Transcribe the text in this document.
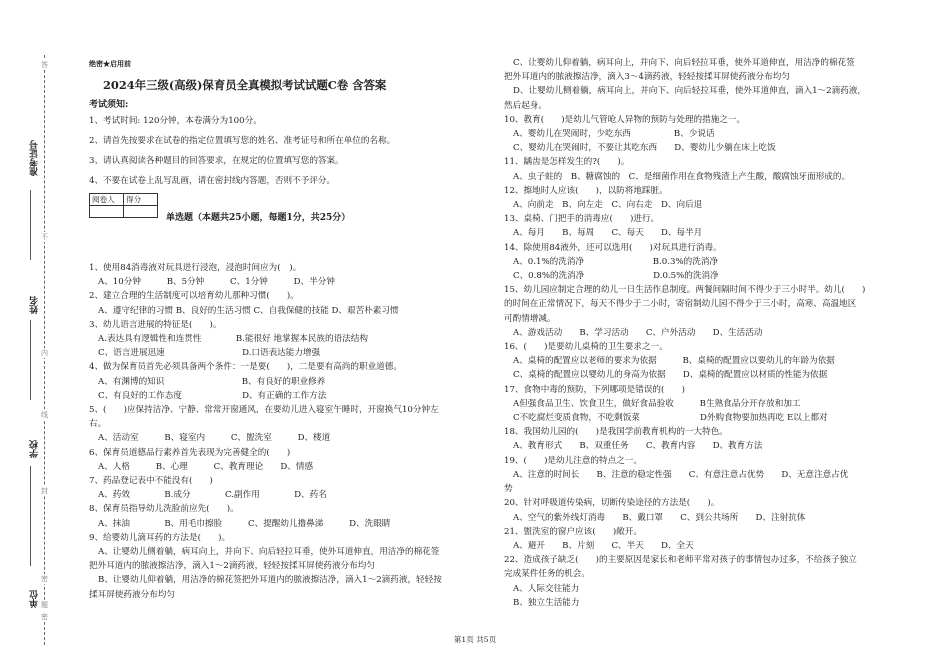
准考证号
姓名
学校
单位
答
不
内
线
封
密
题
密
绝密★启用前
2024年三级(高级)保育员全真模拟考试试题C卷 含答案
考试须知:
1、考试时间: 120分钟，本卷满分为100分。
2、请首先按要求在试卷的指定位置填写您的姓名、准考证号和所在单位的名称。
3、请认真阅读各种题目的回答要求，在规定的位置填写您的答案。
4、不要在试卷上乱写乱画，请在密封线内答题，否则不予评分。
阅卷人	得分

单选题（本题共25小题，每题1分，共25分）

1、使用84消毒液对玩具进行浸泡，浸泡时间应为(　)。

A、10分钟　　　B、5分钟　　　C、1分钟　　　D、半分钟

2、建立合理的生活制度可以培育幼儿那种习惯(　　)。

A、遵守纪律的习惯 B、良好的生活习惯 C、自我保健的技能 D、艰苦朴素习惯

3、幼儿语言进展的特征是(　　)。

A.表达具有逻辑性和连贯性　　　　B.能很好 地掌握本民族的语法结构

C、语言进展迅速　　　　　　　　　D.口语表达能力增强

4、做为保育员首先必须具备两个条件：一是要(　　)，二是要有高尚的职业道德。

A、有渊博的知识　　　　　　　　　B、有良好的职业修养

C、有良好的工作态度　　　　　　　D、有正确的工作方法

5、(　　)应保持洁净、宁静、常常开窗通风，在要幼儿进入寝室午睡时，开窗换气10分钟左

右。

A、活动室　　　B、寝室内　　　C、盥洗室　　　D、楼道

6、保育员道德品行素养首先表现为完善健全的(　　)

A、人格　　　B、心理　　　C、教育理论　　D、情感

7、药品登记表中不能没有(　　)

A、药效　　　　B.成分　　　　C.副作用　　　　D、药名

8、保育员指导幼儿洗脸前应先(　　)。

A、抹油　　　　B、用毛巾擦脸　　　C、提醒幼儿撸鼻涕　　　D、洗眼睛

9、给婴幼儿滴耳药的方法是(　　)。

A、让婴幼儿侧着躺，病耳向上，并向下、向后轻拉耳垂，使外耳道伸直，用洁净的棉花签

把外耳道内的脓液擦洁净，滴入1～2滴药液，轻轻按揉耳屏使药液分布均匀

B、让婴幼儿仰着躺，用洁净的棉花签把外耳道内的脓液擦洁净，滴入1～2滴药液，轻轻按

揉耳屏使药液分布均匀

C、让婴幼儿仰着躺，病耳向上，并向下、向后轻拉耳垂，使外耳道伸直，用洁净的棉花签

把外耳道内的脓液擦洁净，滴入3～4滴药液，轻轻按揉耳屏使药液分布均匀

D、让婴幼儿侧着躺，病耳向上，并向下、向后轻拉耳垂，使外耳道伸直，滴入1～2滴药液，

然后起身。

10、教育(　　)是幼儿气管呛人异物的预防与处理的措施之一。

A、婴幼儿在哭闹时，少吃东西　　　　　B、少说话

C、婴幼儿在哭闹时，不要让其吃东西　　D、婴幼儿少躺在床上吃饭

11、龋齿是怎样发生的?(　　)。

A、虫子蛀的　B、糖腐蚀的　C、是细菌作用在食物残渣上产生酸，酸腐蚀牙面形成的。

12、擦地时人应该(　　)，以防将地踩脏。

A、向前走　B、向左走　C、向右走　D、向后退

13、桌椅、门把手的消毒应(　　)进行。

A、每月　　B、每周　　C、每天　　D、每半月

14、除使用84液外，还可以选用(　　)对玩具进行消毒。

A、0.1%的洗消净　　　　　　　　B.0.3%的洗消净

C、0.8%的洗消净　　　　　　　　D.0.5%的洗消净

15、幼儿园应制定合理的幼儿一日生活作息制度。两餐间隔时间不得少于三小时半。幼儿(　　)

的时间在正常情况下，每天不得少于二小时，寄宿制幼儿园不得少于三小时，高寒、高温地区

可酌情增减。

A、游戏活动　　B、学习活动　　C、户外活动　　D、生活活动

16、(　　)是要幼儿桌椅的卫生要求之一。

A、桌椅的配置应以老师的要求为依据　　　B、桌椅的配置应以要幼儿的年龄为依据

C、桌椅的配置应以婴幼儿的身高为依据　　D、桌椅的配置应以材质的性能为依据

17、食物中毒的预防，下列哪项是错误的(　　)

A但强食品卫生、饮食卫生，做好食品验收　　　B生熟食品分开存放和加工

C不吃腐烂变质食物，不吃剩饭菜　　　　　　　D外购食物要加热再吃 E以上都对

18、我国幼儿园的(　　)是我国学前教育机构的一大特色。

A、教育形式　　B、双重任务　　C、教育内容　　D、教育方法

19、(　　)是幼儿注意的特点之一。

A、注意的时间长　　B、注意的稳定性强　　C、有意注意占优势　　D、无意注意占优

势

20、针对呼吸道传染病，切断传染途径的方法是(　　)。

A、空气的紫外线灯消毒　　B、戴口罩　　C、到公共场所　　D、注射抗体

21、盥洗室的窗户应该(　　)敞开。

A、避开　　B、片刻　　C、半天　　D、全天

22、造成孩子缺乏(　　)的主要原因是家长和老师平常对孩子的事情包办过多，不给孩子独立

完成某件任务的机会。

A、人际交往能力

B、独立生活能力

第1页 共5页
